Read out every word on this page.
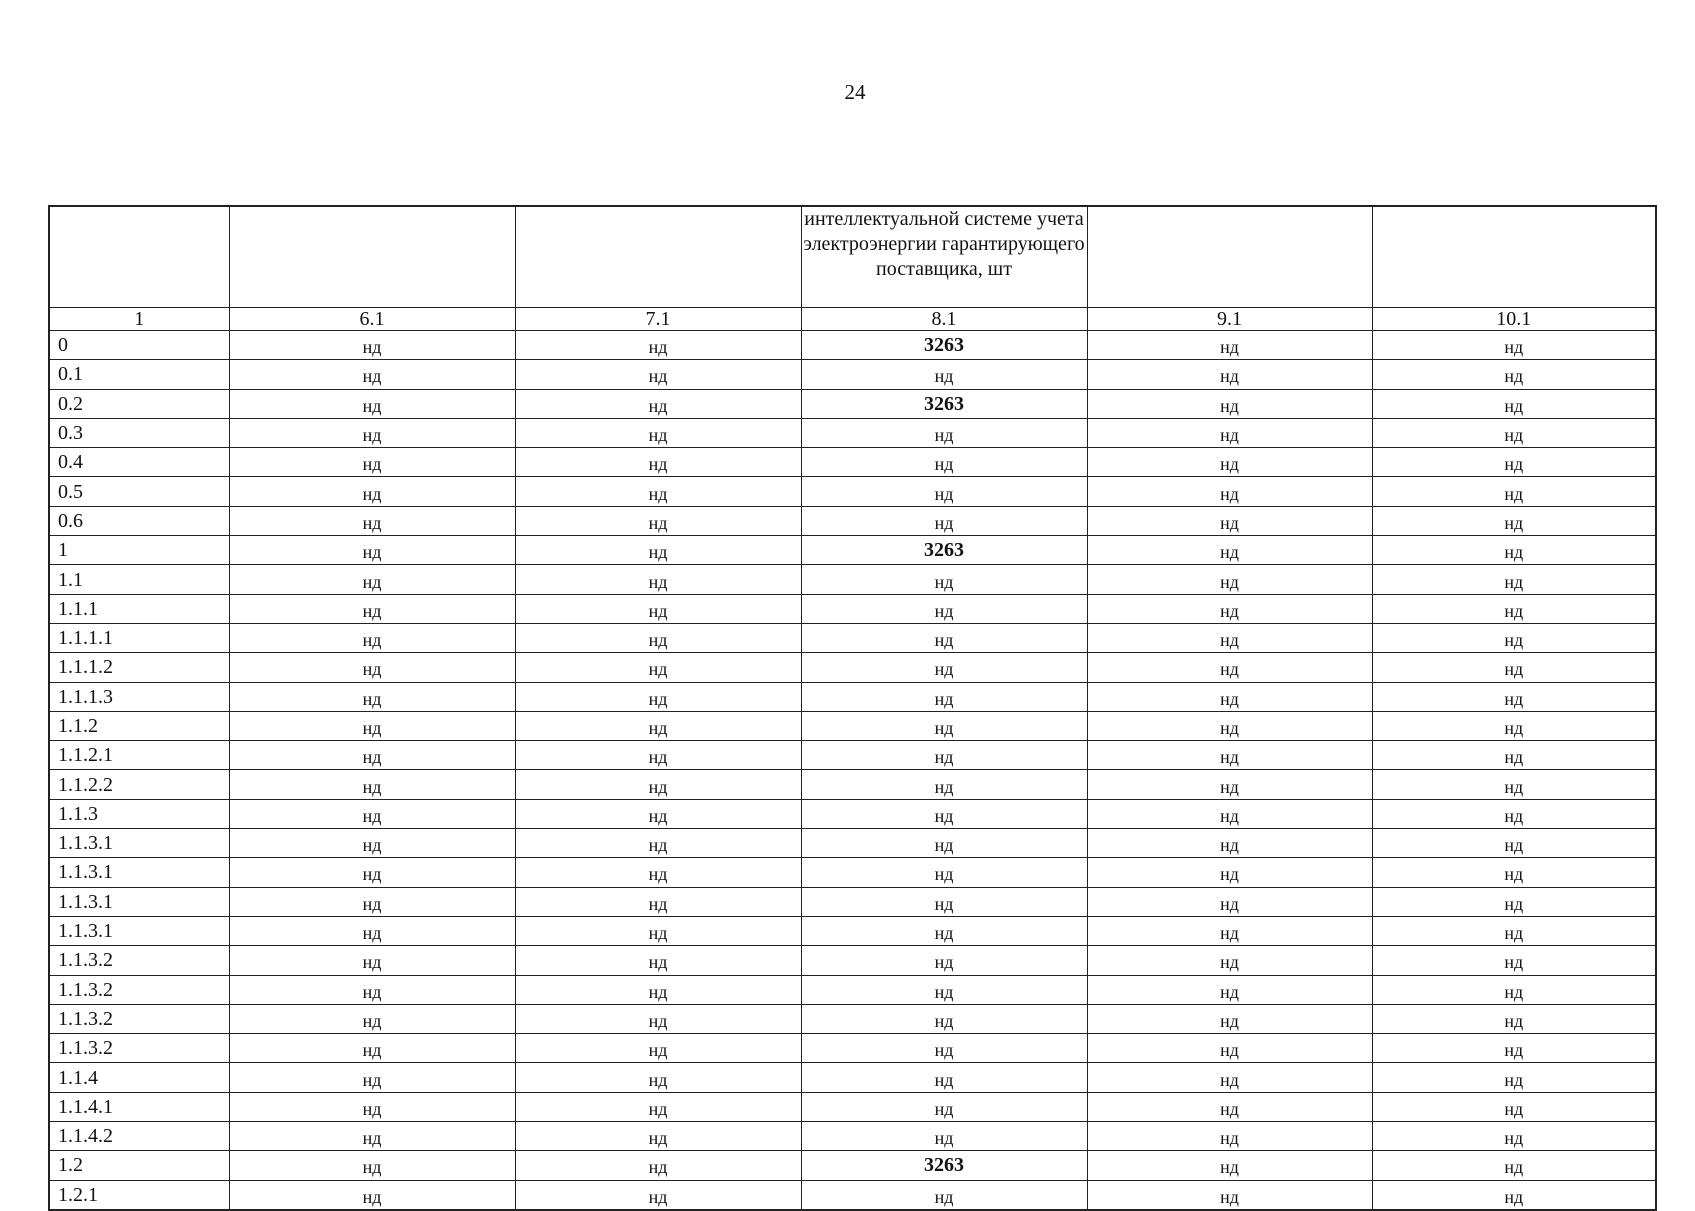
24
			интеллектуальной системе учета электроэнергии гарантирующего поставщика, шт		
1	6.1	7.1	8.1	9.1	10.1
0	нд	нд	3263	нд	нд
0.1	нд	нд	нд	нд	нд
0.2	нд	нд	3263	нд	нд
0.3	нд	нд	нд	нд	нд
0.4	нд	нд	нд	нд	нд
0.5	нд	нд	нд	нд	нд
0.6	нд	нд	нд	нд	нд
1	нд	нд	3263	нд	нд
1.1	нд	нд	нд	нд	нд
1.1.1	нд	нд	нд	нд	нд
1.1.1.1	нд	нд	нд	нд	нд
1.1.1.2	нд	нд	нд	нд	нд
1.1.1.3	нд	нд	нд	нд	нд
1.1.2	нд	нд	нд	нд	нд
1.1.2.1	нд	нд	нд	нд	нд
1.1.2.2	нд	нд	нд	нд	нд
1.1.3	нд	нд	нд	нд	нд
1.1.3.1	нд	нд	нд	нд	нд
1.1.3.1	нд	нд	нд	нд	нд
1.1.3.1	нд	нд	нд	нд	нд
1.1.3.1	нд	нд	нд	нд	нд
1.1.3.2	нд	нд	нд	нд	нд
1.1.3.2	нд	нд	нд	нд	нд
1.1.3.2	нд	нд	нд	нд	нд
1.1.3.2	нд	нд	нд	нд	нд
1.1.4	нд	нд	нд	нд	нд
1.1.4.1	нд	нд	нд	нд	нд
1.1.4.2	нд	нд	нд	нд	нд
1.2	нд	нд	3263	нд	нд
1.2.1	нд	нд	нд	нд	нд
